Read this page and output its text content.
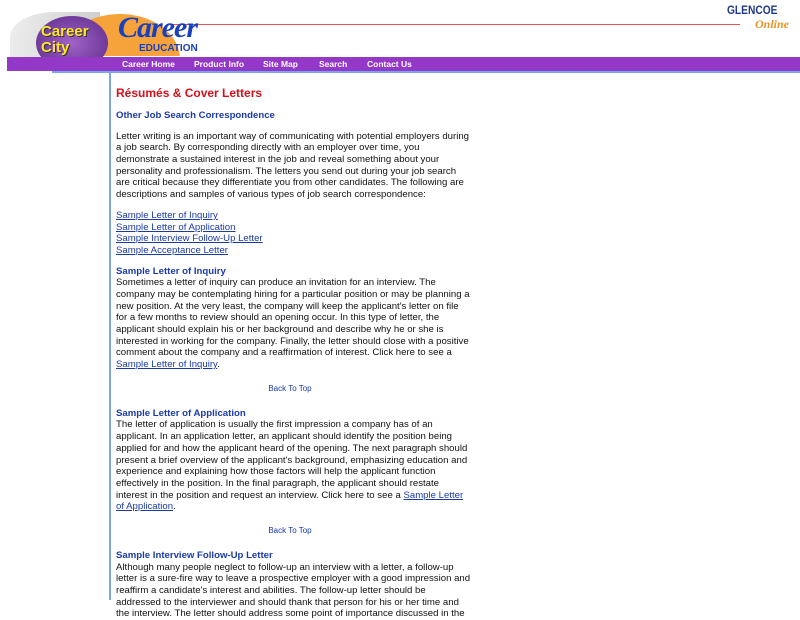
Career City
Career
EDUCATION
GLENCOE
Online
Career Home Product Info Site Map Search Contact Us
Résumés & Cover Letters
Other Job Search Correspondence
Letter writing is an important way of communicating with potential employers during
a job search. By corresponding directly with an employer over time, you
demonstrate a sustained interest in the job and reveal something about your
personality and professionalism. The letters you send out during your job search
are critical because they differentiate you from other candidates. The following are
descriptions and samples of various types of job search correspondence:
Sample Letter of Inquiry
Sample Letter of Application
Sample Interview Follow-Up Letter
Sample Acceptance Letter
Sample Letter of Inquiry
Sometimes a letter of inquiry can produce an invitation for an interview. The
company may be contemplating hiring for a particular position or may be planning a
new position. At the very least, the company will keep the applicant's letter on file
for a few months to review should an opening occur. In this type of letter, the
applicant should explain his or her background and describe why he or she is
interested in working for the company. Finally, the letter should close with a positive
comment about the company and a reaffirmation of interest. Click here to see a
Sample Letter of Inquiry.
Back To Top
Sample Letter of Application
The letter of application is usually the first impression a company has of an
applicant. In an application letter, an applicant should identify the position being
applied for and how the applicant heard of the opening. The next paragraph should
present a brief overview of the applicant's background, emphasizing education and
experience and explaining how those factors will help the applicant function
effectively in the position. In the final paragraph, the applicant should restate
interest in the position and request an interview. Click here to see a Sample Letter
of Application.
Back To Top
Sample Interview Follow-Up Letter
Although many people neglect to follow-up an interview with a letter, a follow-up
letter is a sure-fire way to leave a prospective employer with a good impression and
reaffirm a candidate's interest and abilities. The follow-up letter should be
addressed to the interviewer and should thank that person for his or her time and
the interview. The letter should address some point of importance discussed in the
